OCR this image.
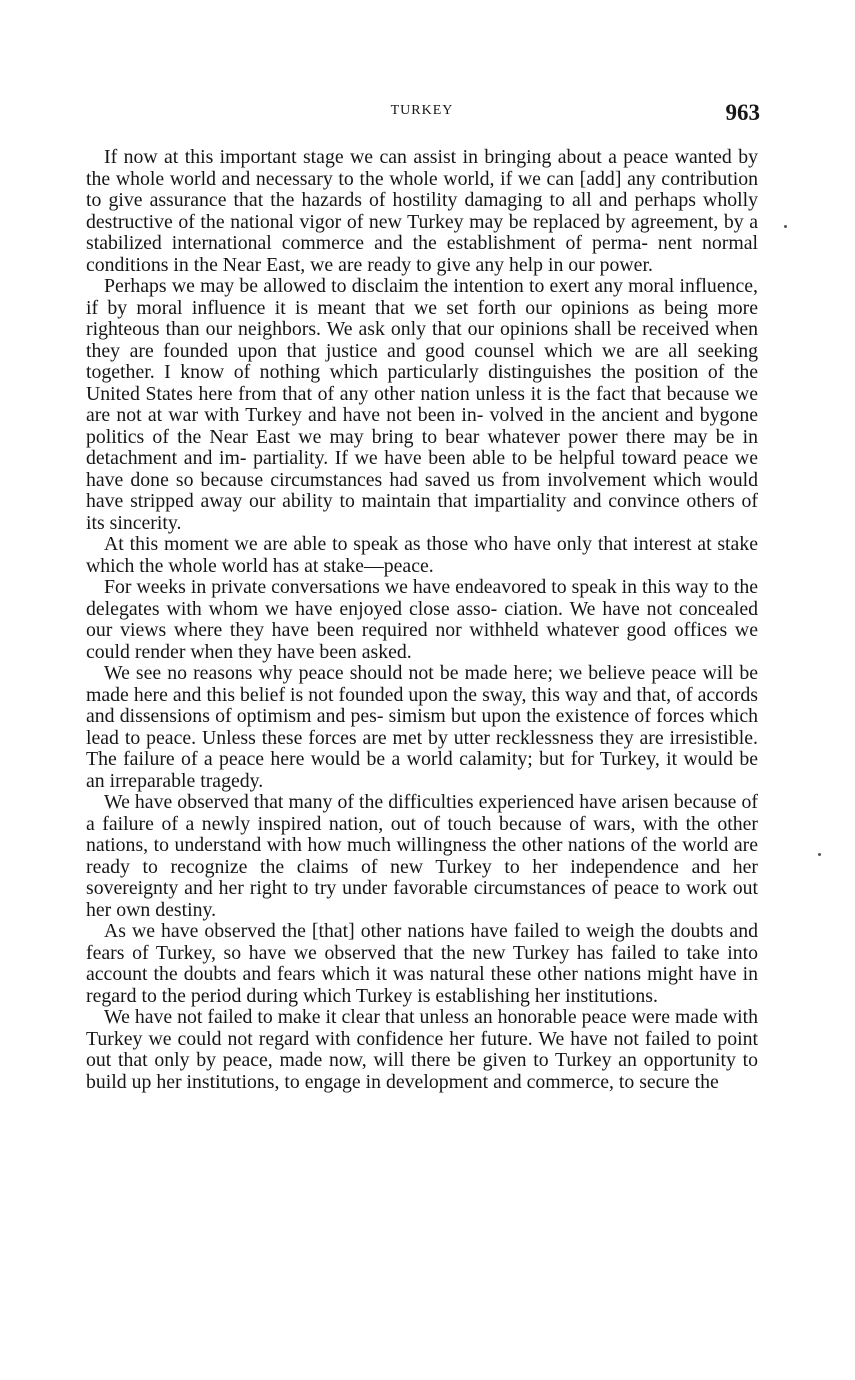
TURKEY	963

If now at this important stage we can assist in bringing about a peace wanted by the whole world and necessary to the whole world, if we can [add] any contribution to give assurance that the hazards of hostility damaging to all and perhaps wholly destructive of the national vigor of new Turkey may be replaced by agreement, by a stabilized international commerce and the establishment of perma- nent normal conditions in the Near East, we are ready to give any help in our power.

Perhaps we may be allowed to disclaim the intention to exert any moral influence, if by moral influence it is meant that we set forth our opinions as being more righteous than our neighbors. We ask only that our opinions shall be received when they are founded upon that justice and good counsel which we are all seeking together. I know of nothing which particularly distinguishes the position of the United States here from that of any other nation unless it is the fact that because we are not at war with Turkey and have not been in- volved in the ancient and bygone politics of the Near East we may bring to bear whatever power there may be in detachment and im- partiality. If we have been able to be helpful toward peace we have done so because circumstances had saved us from involvement which would have stripped away our ability to maintain that impartiality and convince others of its sincerity.

At this moment we are able to speak as those who have only that interest at stake which the whole world has at stake—peace.

For weeks in private conversations we have endeavored to speak in this way to the delegates with whom we have enjoyed close asso- ciation. We have not concealed our views where they have been required nor withheld whatever good offices we could render when they have been asked.

We see no reasons why peace should not be made here; we believe peace will be made here and this belief is not founded upon the sway, this way and that, of accords and dissensions of optimism and pes- simism but upon the existence of forces which lead to peace. Unless these forces are met by utter recklessness they are irresistible. The failure of a peace here would be a world calamity; but for Turkey, it would be an irreparable tragedy.

We have observed that many of the difficulties experienced have arisen because of a failure of a newly inspired nation, out of touch because of wars, with the other nations, to understand with how much willingness the other nations of the world are ready to recognize the claims of new Turkey to her independence and her sovereignty and her right to try under favorable circumstances of peace to work out her own destiny.

As we have observed the [that] other nations have failed to weigh the doubts and fears of Turkey, so have we observed that the new Turkey has failed to take into account the doubts and fears which it was natural these other nations might have in regard to the period during which Turkey is establishing her institutions.

We have not failed to make it clear that unless an honorable peace were made with Turkey we could not regard with confidence her future. We have not failed to point out that only by peace, made now, will there be given to Turkey an opportunity to build up her institutions, to engage in development and commerce, to secure the
